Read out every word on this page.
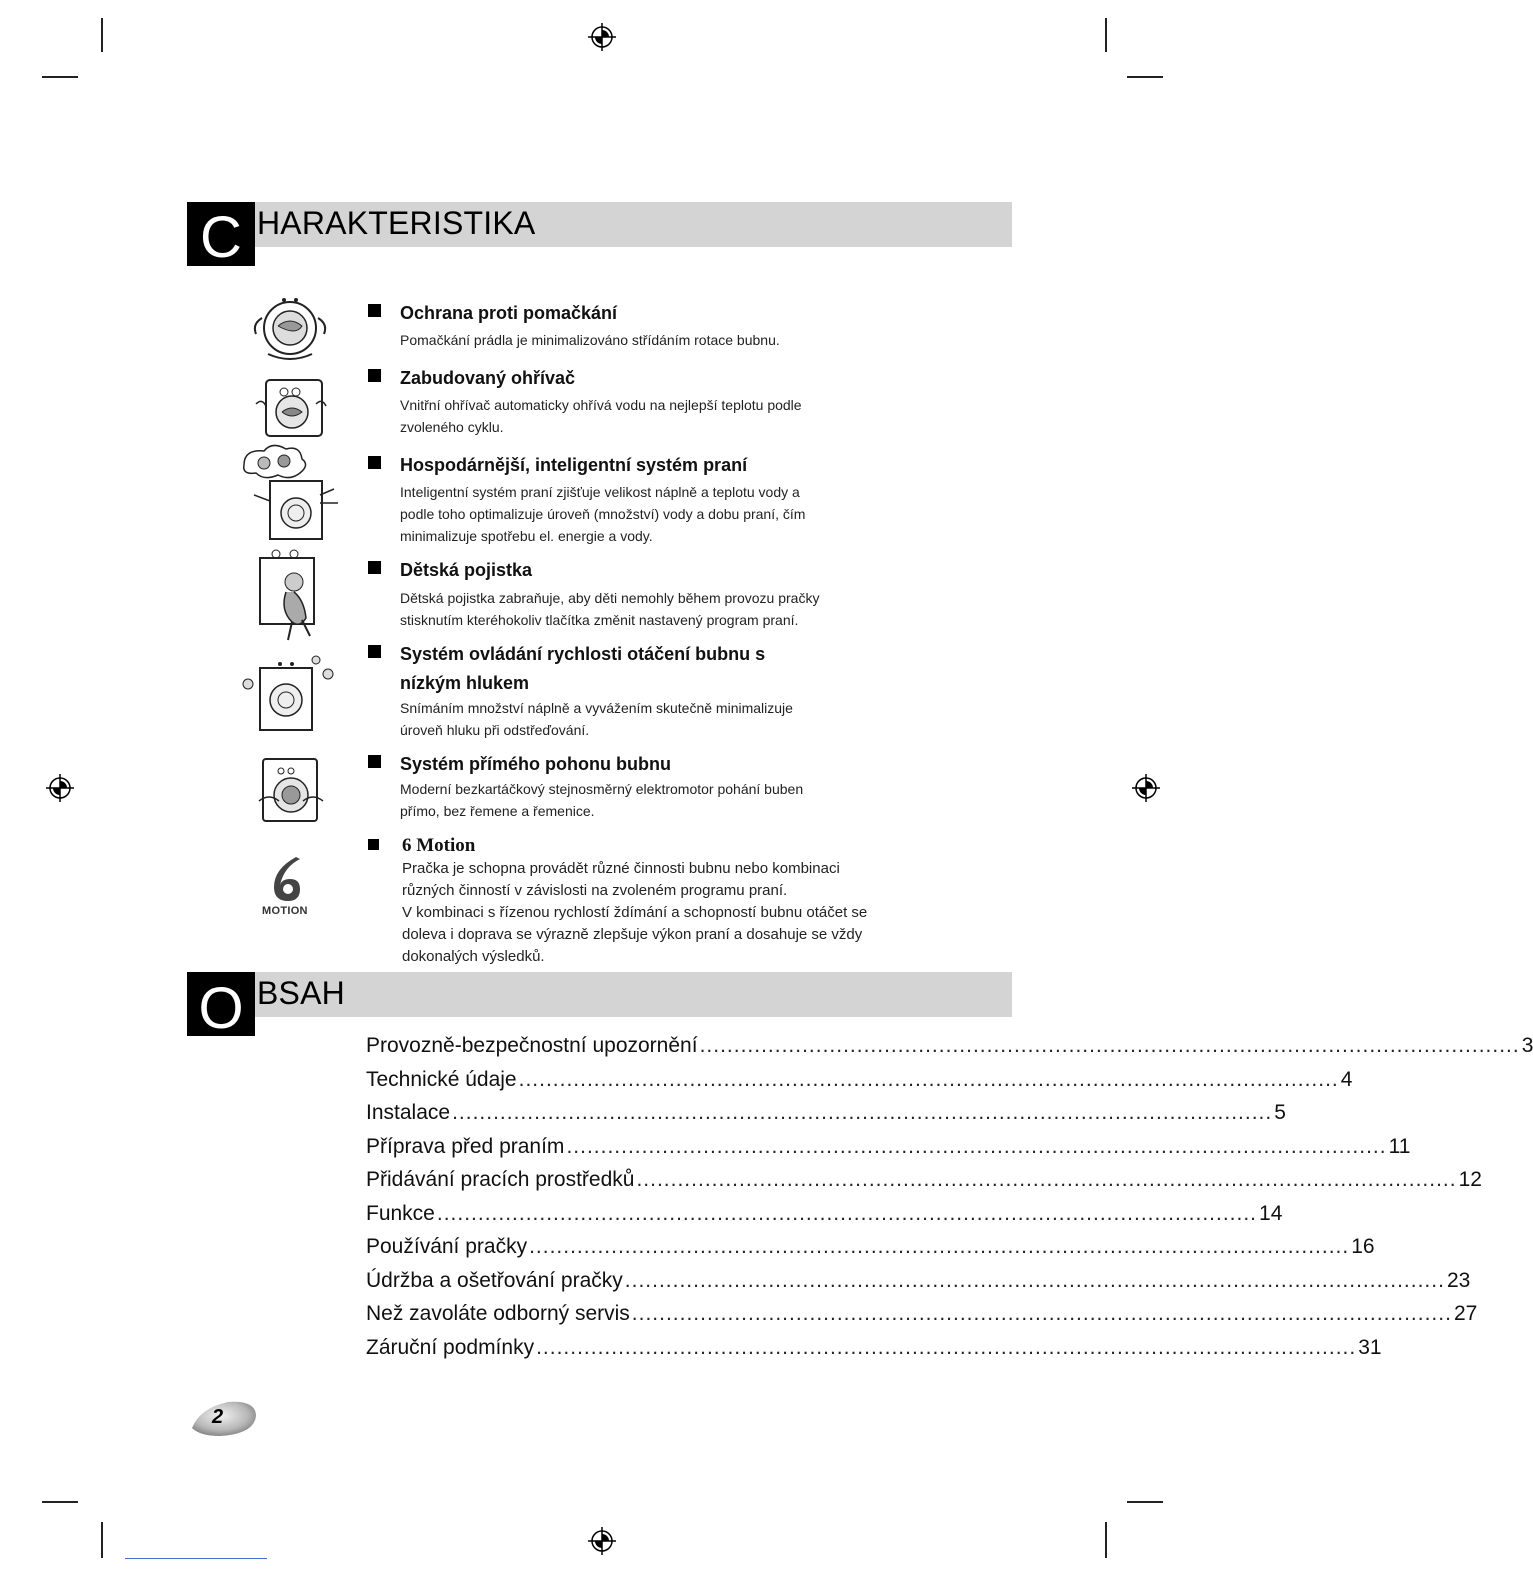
C HARAKTERISTIKA
MOTION
Ochrana proti pomačkání
Pomačkání prádla je minimalizováno střídáním rotace bubnu.
Zabudovaný ohřívač
Vnitřní ohřívač automaticky ohřívá vodu na nejlepší teplotu podle
zvoleného cyklu.
Hospodárnější, inteligentní systém praní
Inteligentní systém praní zjišťuje velikost náplně a teplotu vody a
podle toho optimalizuje úroveň (množství) vody a dobu praní, čím
minimalizuje spotřebu el. energie a vody.
Dětská pojistka
Dětská pojistka zabraňuje, aby děti nemohly během provozu pračky
stisknutím kteréhokoliv tlačítka změnit nastavený program praní.
Systém ovládání rychlosti otáčení bubnu s
nízkým hlukem
Snímáním množství náplně a vyvážením skutečně minimalizuje
úroveň hluku při odstřeďování.
Systém přímého pohonu bubnu
Moderní bezkartáčkový stejnosměrný elektromotor pohání buben
přímo, bez řemene a řemenice.
6 Motion
Pračka je schopna provádět různé činnosti bubnu nebo kombinaci
různých činností v závislosti na zvoleném programu praní.
V kombinaci s řízenou rychlostí ždímání a schopností bubnu otáčet se
doleva i doprava se výrazně zlepšuje výkon praní a dosahuje se vždy
dokonalých výsledků.
O BSAH
Provozně-bezpečnostní upozornění ........................................................................................................................ 3
Technické údaje ........................................................................................................................ 4
Instalace ........................................................................................................................ 5
Příprava před praním ........................................................................................................................ 11
Přidávání pracích prostředků ........................................................................................................................ 12
Funkce ........................................................................................................................ 14
Používání pračky ........................................................................................................................ 16
Údržba a ošetřování pračky ........................................................................................................................ 23
Než zavoláte odborný servis ........................................................................................................................ 27
Záruční podmínky ........................................................................................................................ 31
2
